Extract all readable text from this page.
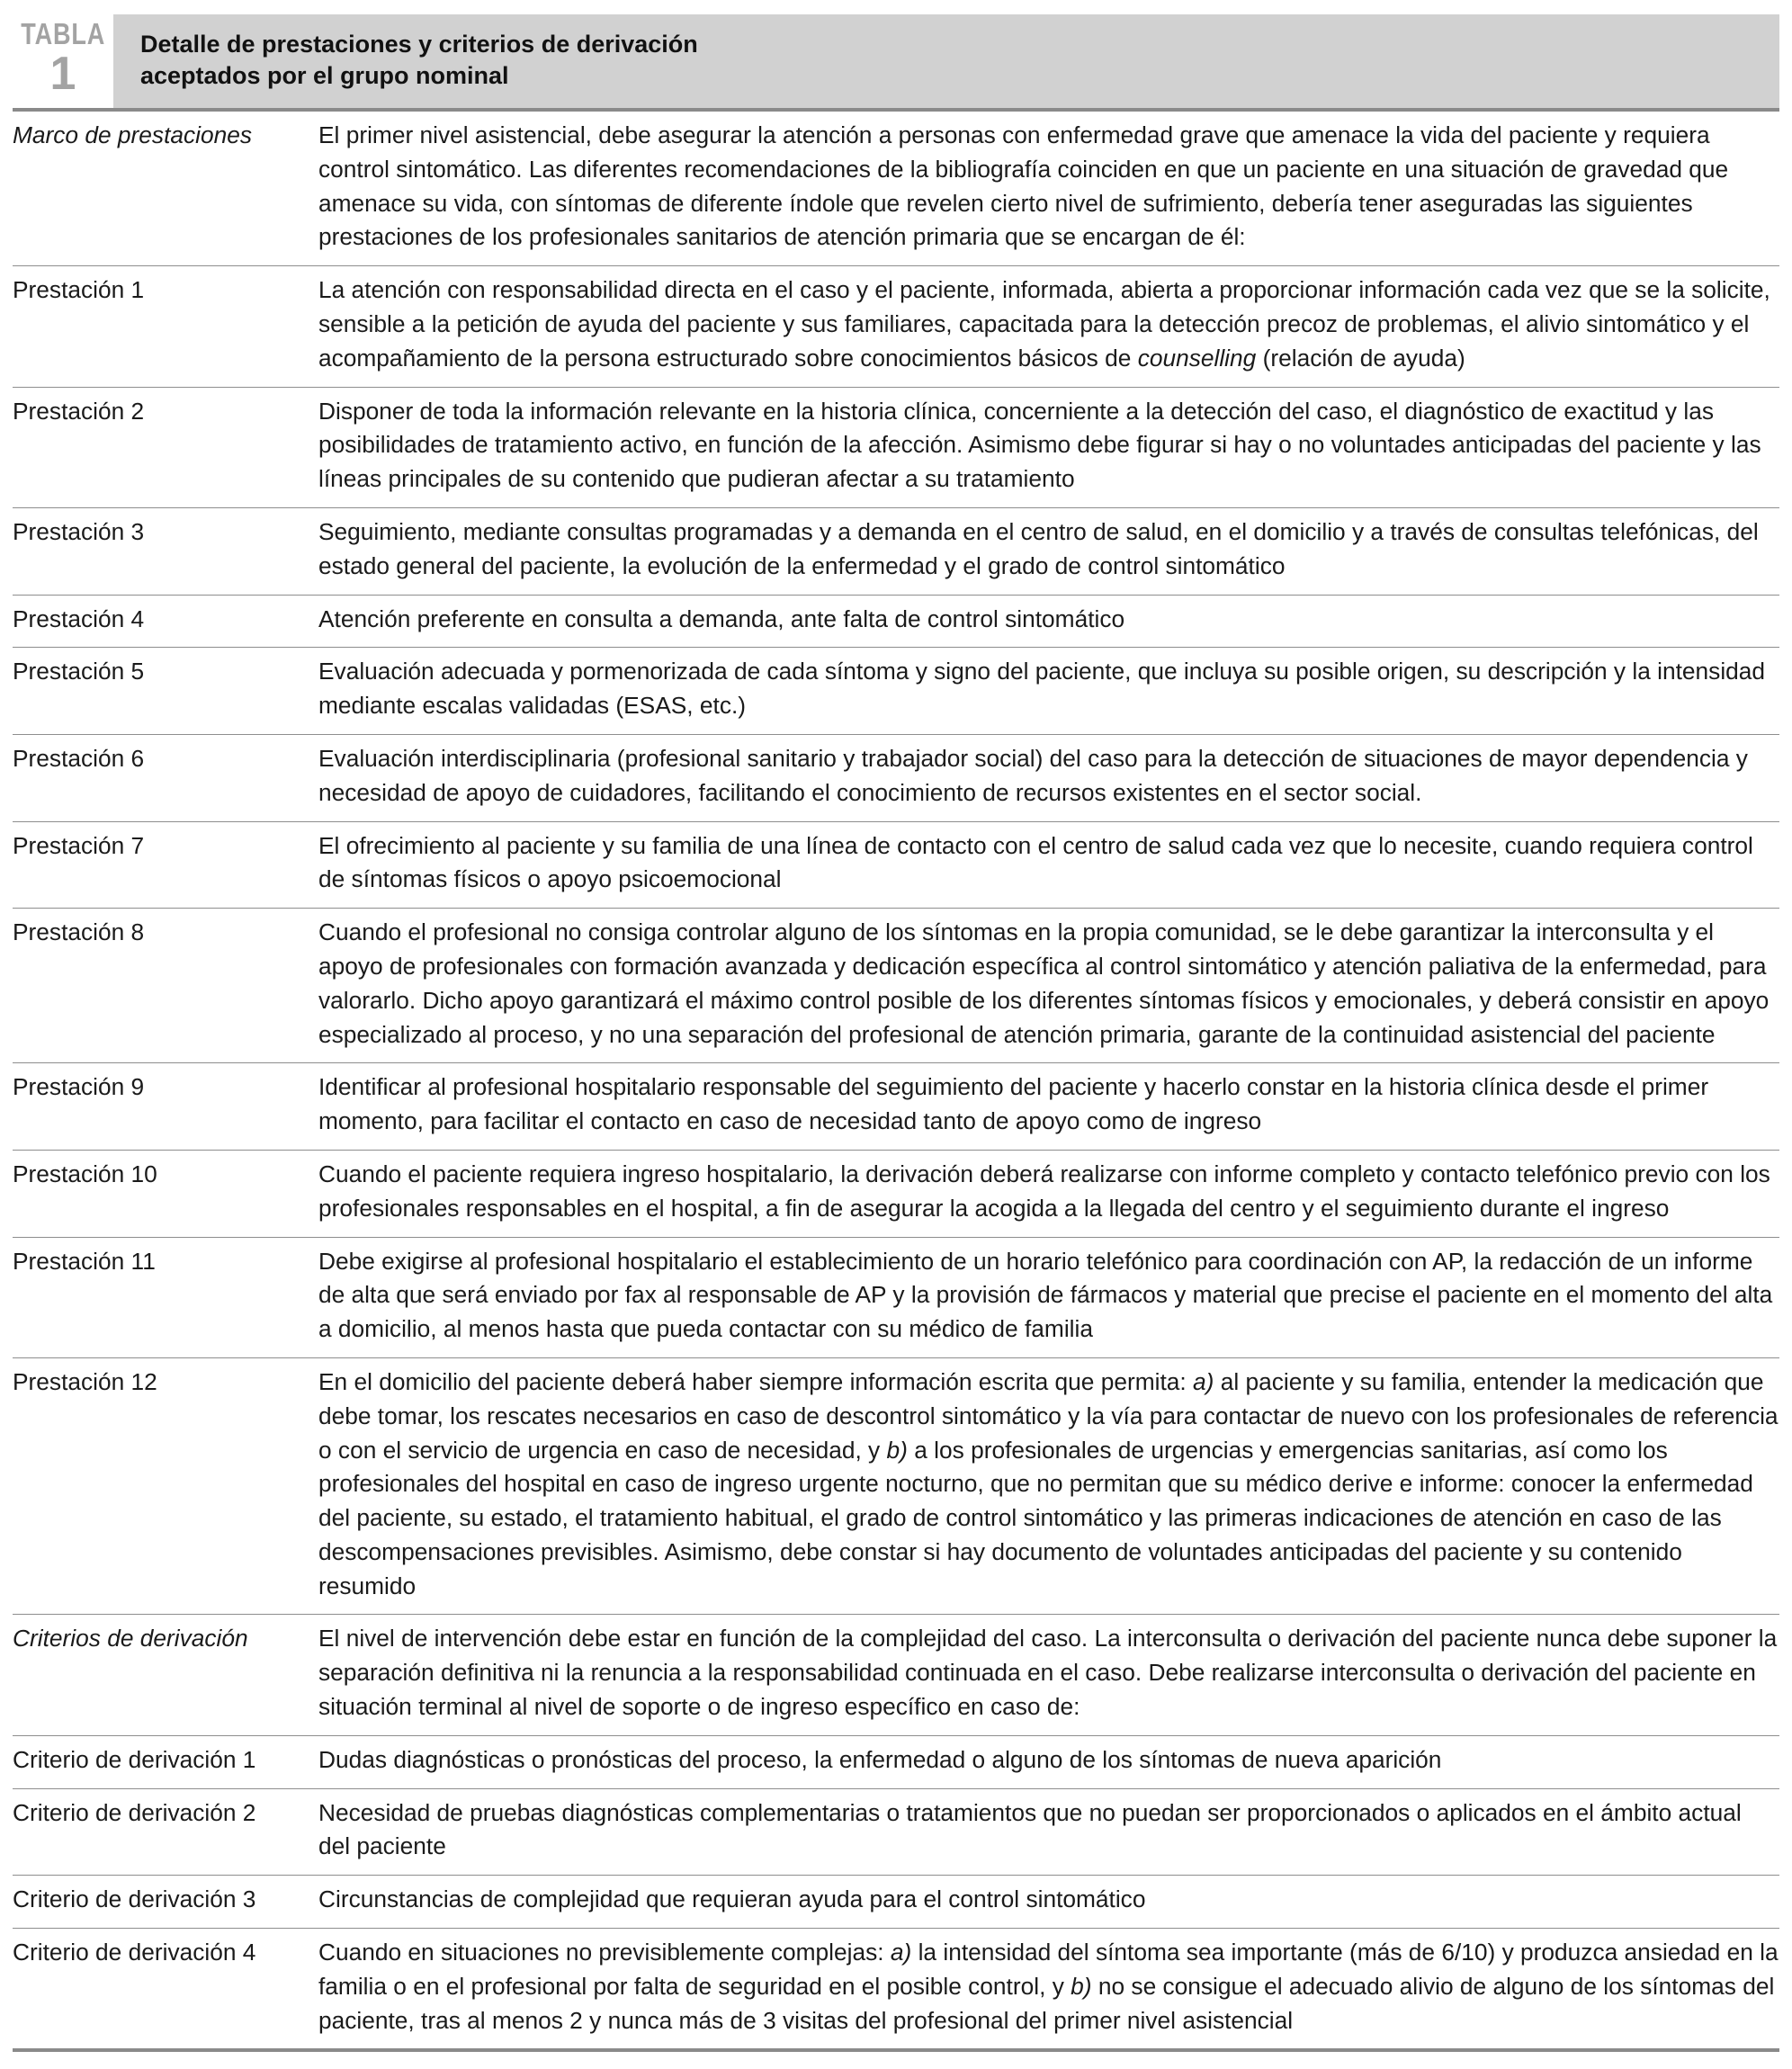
TABLA
1
Detalle de prestaciones y criterios de derivación
aceptados por el grupo nominal
Marco de prestaciones	El primer nivel asistencial, debe asegurar la atención a personas con enfermedad grave que amenace la vida del paciente y requiera control sintomático. Las diferentes recomendaciones de la bibliografía coinciden en que un paciente en una situación de gravedad que amenace su vida, con síntomas de diferente índole que revelen cierto nivel de sufrimiento, debería tener aseguradas las siguientes prestaciones de los profesionales sanitarios de atención primaria que se encargan de él:
Prestación 1	La atención con responsabilidad directa en el caso y el paciente, informada, abierta a proporcionar información cada vez que se la solicite, sensible a la petición de ayuda del paciente y sus familiares, capacitada para la detección precoz de problemas, el alivio sintomático y el acompañamiento de la persona estructurado sobre conocimientos básicos de counselling (relación de ayuda)
Prestación 2	Disponer de toda la información relevante en la historia clínica, concerniente a la detección del caso, el diagnóstico de exactitud y las posibilidades de tratamiento activo, en función de la afección. Asimismo debe figurar si hay o no voluntades anticipadas del paciente y las líneas principales de su contenido que pudieran afectar a su tratamiento
Prestación 3	Seguimiento, mediante consultas programadas y a demanda en el centro de salud, en el domicilio y a través de consultas telefónicas, del estado general del paciente, la evolución de la enfermedad y el grado de control sintomático
Prestación 4	Atención preferente en consulta a demanda, ante falta de control sintomático
Prestación 5	Evaluación adecuada y pormenorizada de cada síntoma y signo del paciente, que incluya su posible origen, su descripción y la intensidad mediante escalas validadas (ESAS, etc.)
Prestación 6	Evaluación interdisciplinaria (profesional sanitario y trabajador social) del caso para la detección de situaciones de mayor dependencia y necesidad de apoyo de cuidadores, facilitando el conocimiento de recursos existentes en el sector social.
Prestación 7	El ofrecimiento al paciente y su familia de una línea de contacto con el centro de salud cada vez que lo necesite, cuando requiera control de síntomas físicos o apoyo psicoemocional
Prestación 8	Cuando el profesional no consiga controlar alguno de los síntomas en la propia comunidad, se le debe garantizar la interconsulta y el apoyo de profesionales con formación avanzada y dedicación específica al control sintomático y atención paliativa de la enfermedad, para valorarlo. Dicho apoyo garantizará el máximo control posible de los diferentes síntomas físicos y emocionales, y deberá consistir en apoyo especializado al proceso, y no una separación del profesional de atención primaria, garante de la continuidad asistencial del paciente
Prestación 9	Identificar al profesional hospitalario responsable del seguimiento del paciente y hacerlo constar en la historia clínica desde el primer momento, para facilitar el contacto en caso de necesidad tanto de apoyo como de ingreso
Prestación 10	Cuando el paciente requiera ingreso hospitalario, la derivación deberá realizarse con informe completo y contacto telefónico previo con los profesionales responsables en el hospital, a fin de asegurar la acogida a la llegada del centro y el seguimiento durante el ingreso
Prestación 11	Debe exigirse al profesional hospitalario el establecimiento de un horario telefónico para coordinación con AP, la redacción de un informe de alta que será enviado por fax al responsable de AP y la provisión de fármacos y material que precise el paciente en el momento del alta a domicilio, al menos hasta que pueda contactar con su médico de familia
Prestación 12	En el domicilio del paciente deberá haber siempre información escrita que permita: a) al paciente y su familia, entender la medicación que debe tomar, los rescates necesarios en caso de descontrol sintomático y la vía para contactar de nuevo con los profesionales de referencia o con el servicio de urgencia en caso de necesidad, y b) a los profesionales de urgencias y emergencias sanitarias, así como los profesionales del hospital en caso de ingreso urgente nocturno, que no permitan que su médico derive e informe: conocer la enfermedad del paciente, su estado, el tratamiento habitual, el grado de control sintomático y las primeras indicaciones de atención en caso de las descompensaciones previsibles. Asimismo, debe constar si hay documento de voluntades anticipadas del paciente y su contenido resumido
Criterios de derivación	El nivel de intervención debe estar en función de la complejidad del caso. La interconsulta o derivación del paciente nunca debe suponer la separación definitiva ni la renuncia a la responsabilidad continuada en el caso. Debe realizarse interconsulta o derivación del paciente en situación terminal al nivel de soporte o de ingreso específico en caso de:
Criterio de derivación 1	Dudas diagnósticas o pronósticas del proceso, la enfermedad o alguno de los síntomas de nueva aparición
Criterio de derivación 2	Necesidad de pruebas diagnósticas complementarias o tratamientos que no puedan ser proporcionados o aplicados en el ámbito actual del paciente
Criterio de derivación 3	Circunstancias de complejidad que requieran ayuda para el control sintomático
Criterio de derivación 4	Cuando en situaciones no previsiblemente complejas: a) la intensidad del síntoma sea importante (más de 6/10) y produzca ansiedad en la familia o en el profesional por falta de seguridad en el posible control, y b) no se consigue el adecuado alivio de alguno de los síntomas del paciente, tras al menos 2 y nunca más de 3 visitas del profesional del primer nivel asistencial
